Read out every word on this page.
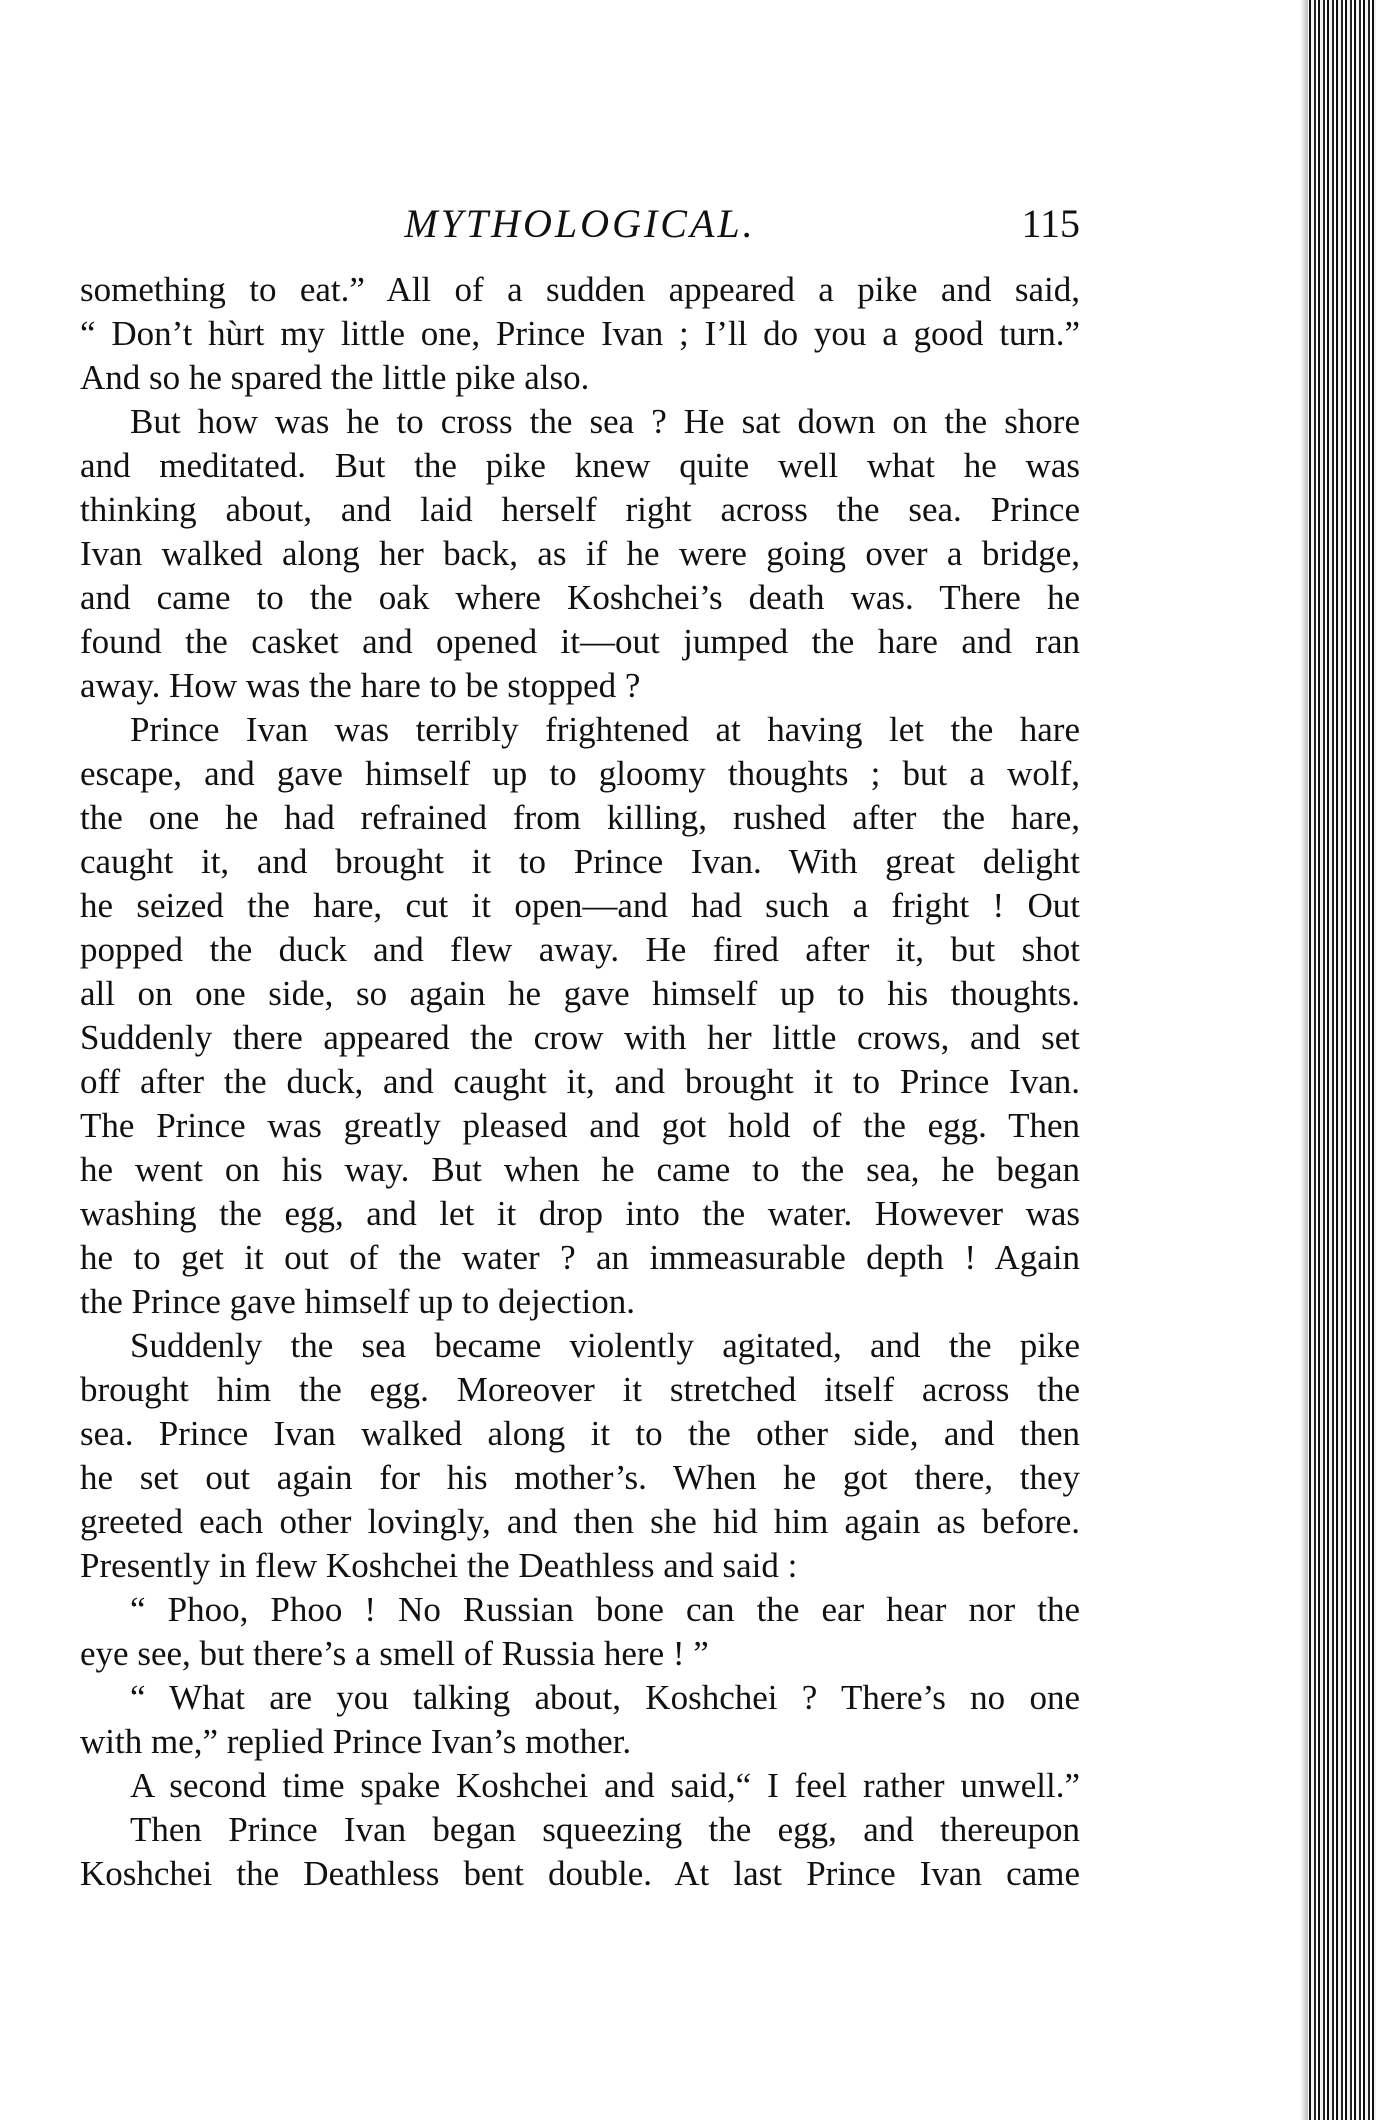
MYTHOLOGICAL.	115
something to eat.” All of a sudden appeared a pike and said,
“ Don’t hùrt my little one, Prince Ivan ; I’ll do you a good turn.”
And so he spared the little pike also.
But how was he to cross the sea ? He sat down on the shore
and meditated. But the pike knew quite well what he was
thinking about, and laid herself right across the sea. Prince
Ivan walked along her back, as if he were going over a bridge,
and came to the oak where Koshchei’s death was. There he
found the casket and opened it—out jumped the hare and ran
away. How was the hare to be stopped ?
Prince Ivan was terribly frightened at having let the hare
escape, and gave himself up to gloomy thoughts ; but a wolf,
the one he had refrained from killing, rushed after the hare,
caught it, and brought it to Prince Ivan. With great delight
he seized the hare, cut it open—and had such a fright ! Out
popped the duck and flew away. He fired after it, but shot
all on one side, so again he gave himself up to his thoughts.
Suddenly there appeared the crow with her little crows, and set
off after the duck, and caught it, and brought it to Prince Ivan.
The Prince was greatly pleased and got hold of the egg. Then
he went on his way. But when he came to the sea, he began
washing the egg, and let it drop into the water. However was
he to get it out of the water ? an immeasurable depth ! Again
the Prince gave himself up to dejection.
Suddenly the sea became violently agitated, and the pike
brought him the egg. Moreover it stretched itself across the
sea. Prince Ivan walked along it to the other side, and then
he set out again for his mother’s. When he got there, they
greeted each other lovingly, and then she hid him again as before.
Presently in flew Koshchei the Deathless and said :
“ Phoo, Phoo ! No Russian bone can the ear hear nor the
eye see, but there’s a smell of Russia here ! ”
“ What are you talking about, Koshchei ? There’s no one
with me,” replied Prince Ivan’s mother.
A second time spake Koshchei and said,“ I feel rather unwell.”
Then Prince Ivan began squeezing the egg, and thereupon
Koshchei the Deathless bent double. At last Prince Ivan came
